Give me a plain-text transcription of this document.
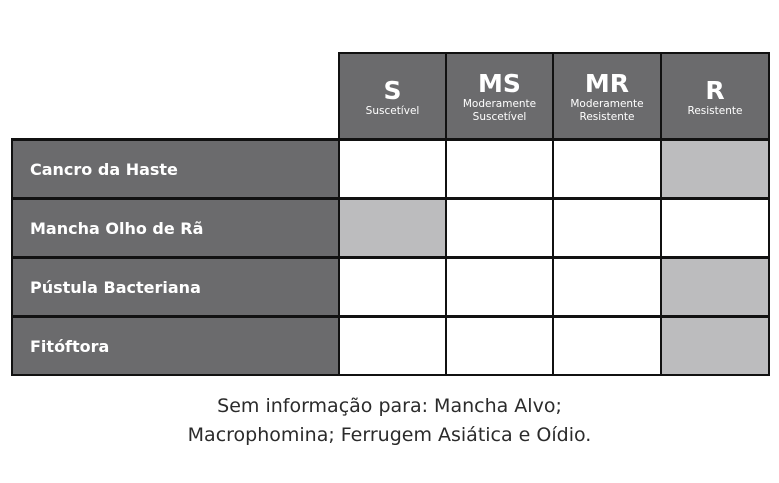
S
Suscetível
MS
Moderamente
Suscetível
MR
Moderamente
Resistente
R
Resistente
Cancro da Haste
Mancha Olho de Rã
Pústula Bacteriana
Fitóftora
Sem informação para: Mancha Alvo;
Macrophomina; Ferrugem Asiática e Oídio.
